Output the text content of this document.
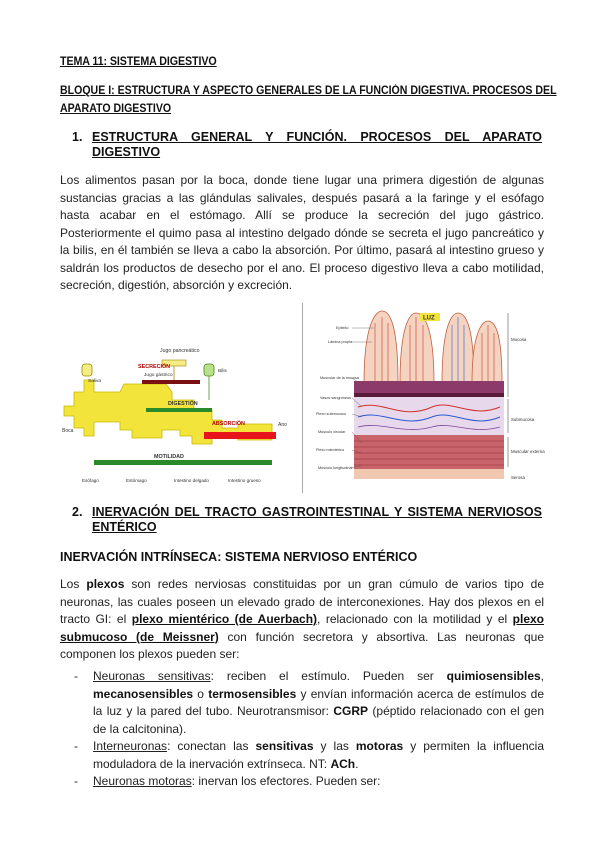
TEMA 11: SISTEMA DIGESTIVO
BLOQUE I: ESTRUCTURA Y ASPECTO GENERALES DE LA FUNCIÓN DIGESTIVA. PROCESOS DEL APARATO DIGESTIVO
1. ESTRUCTURA GENERAL Y FUNCIÓN. PROCESOS DEL APARATO DIGESTIVO
Los alimentos pasan por la boca, donde tiene lugar una primera digestión de algunas sustancias gracias a las glándulas salivales, después pasará a la faringe y el esófago hasta acabar en el estómago. Allí se produce la secreción del jugo gástrico. Posteriormente el quimo pasa al intestino delgado dónde se secreta el jugo pancreático y la bilis, en él también se lleva a cabo la absorción. Por último, pasará al intestino grueso y saldrán los productos de desecho por el ano. El proceso digestivo lleva a cabo motilidad, secreción, digestión, absorción y excreción.
Jugo pancreático
Saliva
Bilis
SECRECIÓN
Jugo gástrico
DIGESTIÓN
ABSORCIÓN
MOTILIDAD
Boca
Ano
Esófago	Estómago	Intestino delgado	Intestino grueso
LUZ
Epitelio
Lámina propia
Muscular de la mucosa
Vasos sanguíneos
Plexo submucoso
Músculo circular
Plexo mientérico
Músculo longitudinal
Mucosa
Submucosa
Muscular externa
Serosa
2. INERVACIÓN DEL TRACTO GASTROINTESTINAL Y SISTEMA NERVIOSOS ENTÉRICO
INERVACIÓN INTRÍNSECA: SISTEMA NERVIOSO ENTÉRICO
Los plexos son redes nerviosas constituidas por un gran cúmulo de varios tipo de neuronas, las cuales poseen un elevado grado de interconexiones. Hay dos plexos en el tracto GI: el plexo mientérico (de Auerbach), relacionado con la motilidad y el plexo submucoso (de Meissner) con función secretora y absortiva. Las neuronas que componen los plexos pueden ser:
- Neuronas sensitivas: reciben el estímulo. Pueden ser quimiosensibles, mecanosensibles o termosensibles y envían información acerca de estímulos de la luz y la pared del tubo. Neurotransmisor: CGRP (péptido relacionado con el gen de la calcitonina).
- Interneuronas: conectan las sensitivas y las motoras y permiten la influencia moduladora de la inervación extrínseca. NT: ACh.
- Neuronas motoras: inervan los efectores. Pueden ser:
